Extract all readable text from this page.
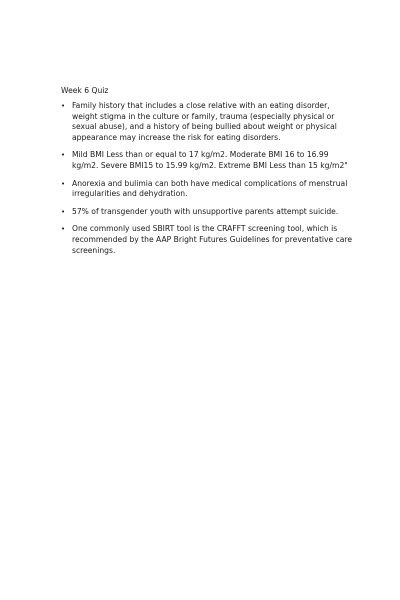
Week 6 Quiz
• Family history that includes a close relative with an eating disorder, weight stigma in the culture or family, trauma (especially physical or sexual abuse), and a history of being bullied about weight or physical appearance may increase the risk for eating disorders.
• Mild BMI Less than or equal to 17 kg/m2. Moderate BMI 16 to 16.99 kg/m2. Severe BMI15 to 15.99 kg/m2. Extreme BMI Less than 15 kg/m2"
• Anorexia and bulimia can both have medical complications of menstrual irregularities and dehydration.
• 57% of transgender youth with unsupportive parents attempt suicide.
• One commonly used SBIRT tool is the CRAFFT screening tool, which is recommended by the AAP Bright Futures Guidelines for preventative care screenings.
